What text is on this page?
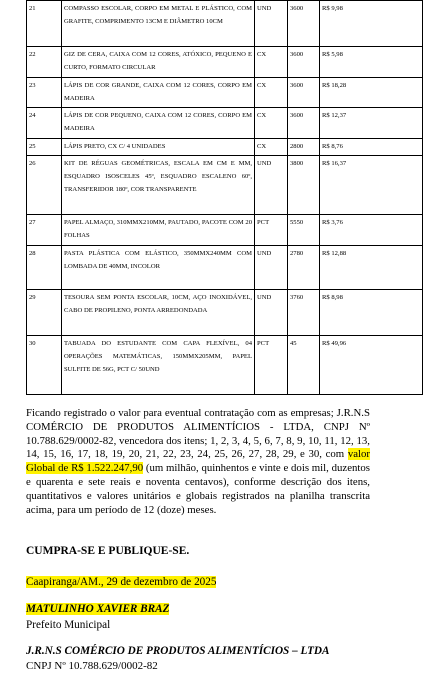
21	COMPASSO ESCOLAR, CORPO EM METAL E PLÁSTICO, COM GRAFITE, COMPRIMENTO 13CM E DIÂMETRO 10CM	UND	3600	R$ 9,98
22	GIZ DE CERA, CAIXA COM 12 CORES, ATÓXICO, PEQUENO E CURTO, FORMATO CIRCULAR	CX	3600	R$ 5,98
23	LÁPIS DE COR GRANDE, CAIXA COM 12 CORES, CORPO EM MADEIRA	CX	3600	R$ 18,28
24	LÁPIS DE COR PEQUENO, CAIXA COM 12 CORES, CORPO EM MADEIRA	CX	3600	R$ 12,37
25	LÁPIS PRETO, CX C/ 4 UNIDADES	CX	2800	R$ 8,76
26	KIT DE RÉGUAS GEOMÉTRICAS, ESCALA EM CM E MM, ESQUADRO ISOSCELES 45º, ESQUADRO ESCALENO 60º, TRANSFERIDOR 180º, COR TRANSPARENTE	UND	3800	R$ 16,37
27	PAPEL ALMAÇO, 310MMX210MM, PAUTADO, PACOTE COM 20 FOLHAS	PCT	5550	R$ 3,76
28	PASTA PLÁSTICA COM ELÁSTICO, 350MMX240MM COM LOMBADA DE 40MM, INCOLOR	UND	2780	R$ 12,88
29	TESOURA SEM PONTA ESCOLAR, 10CM, AÇO INOXIDÁVEL, CABO DE PROPILENO, PONTA ARREDONDADA	UND	3760	R$ 8,98
30	TABUADA DO ESTUDANTE COM CAPA FLEXÍVEL, 04 OPERAÇÕES MATEMÁTICAS, 150MMX205MM, PAPEL SULFITE DE 56G, PCT C/ 50UND	PCT	45	R$ 49,96

Ficando registrado o valor para eventual contratação com as empresas; J.R.N.S COMÉRCIO DE PRODUTOS ALIMENTÍCIOS - LTDA, CNPJ Nº 10.788.629/0002-82, vencedora dos itens; 1, 2, 3, 4, 5, 6, 7, 8, 9, 10, 11, 12, 13, 14, 15, 16, 17, 18, 19, 20, 21, 22, 23, 24, 25, 26, 27, 28, 29, e 30, com valor Global de R$ 1.522.247,90 (um milhão, quinhentos e vinte e dois mil, duzentos e quarenta e sete reais e noventa centavos), conforme descrição dos itens, quantitativos e valores unitários e globais registrados na planilha transcrita acima, para um período de 12 (doze) meses.

CUMPRA-SE E PUBLIQUE-SE.
Caapiranga/AM., 29 de dezembro de 2025
MATULINHO XAVIER BRAZ
Prefeito Municipal
J.R.N.S COMÉRCIO DE PRODUTOS ALIMENTÍCIOS – LTDA
CNPJ Nº 10.788.629/0002-82
